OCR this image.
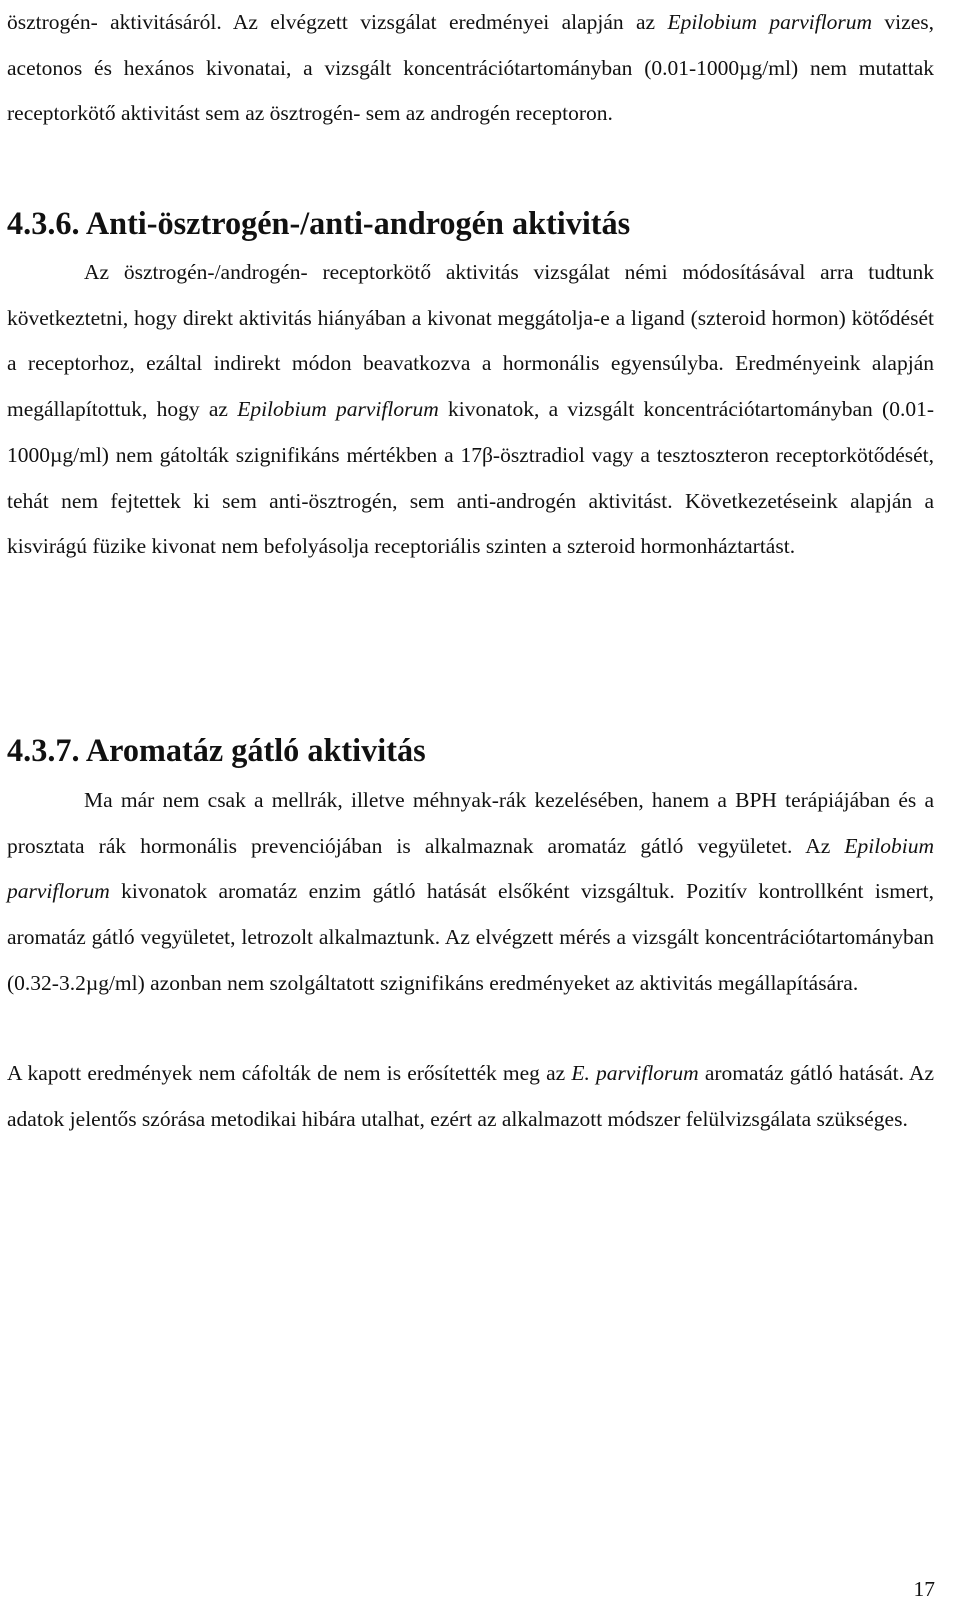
ösztrogén- aktivitásáról. Az elvégzett vizsgálat eredményei alapján az Epilobium parviflorum vizes, acetonos és hexános kivonatai, a vizsgált koncentrációtartományban (0.01-1000µg/ml) nem mutattak receptorkötő aktivitást sem az ösztrogén- sem az androgén receptoron.

4.3.6. Anti-ösztrogén-/anti-androgén aktivitás

Az ösztrogén-/androgén- receptorkötő aktivitás vizsgálat némi módosításával arra tudtunk következtetni, hogy direkt aktivitás hiányában a kivonat meggátolja-e a ligand (szteroid hormon) kötődését a receptorhoz, ezáltal indirekt módon beavatkozva a hormonális egyensúlyba. Eredményeink alapján megállapítottuk, hogy az Epilobium parviflorum kivonatok, a vizsgált koncentrációtartományban (0.01-1000µg/ml) nem gátolták szignifikáns mértékben a 17β-ösztradiol vagy a tesztoszteron receptorkötődését, tehát nem fejtettek ki sem anti-ösztrogén, sem anti-androgén aktivitást. Következetéseink alapján a kisvirágú füzike kivonat nem befolyásolja receptoriális szinten a szteroid hormonháztartást.

4.3.7. Aromatáz gátló aktivitás

Ma már nem csak a mellrák, illetve méhnyak-rák kezelésében, hanem a BPH terápiájában és a prosztata rák hormonális prevenciójában is alkalmaznak aromatáz gátló vegyületet. Az Epilobium parviflorum kivonatok aromatáz enzim gátló hatását elsőként vizsgáltuk. Pozitív kontrollként ismert, aromatáz gátló vegyületet, letrozolt alkalmaztunk. Az elvégzett mérés a vizsgált koncentrációtartományban (0.32-3.2µg/ml) azonban nem szolgáltatott szignifikáns eredményeket az aktivitás megállapítására.

A kapott eredmények nem cáfolták de nem is erősítették meg az E. parviflorum aromatáz gátló hatását. Az adatok jelentős szórása metodikai hibára utalhat, ezért az alkalmazott módszer felülvizsgálata szükséges.

17
